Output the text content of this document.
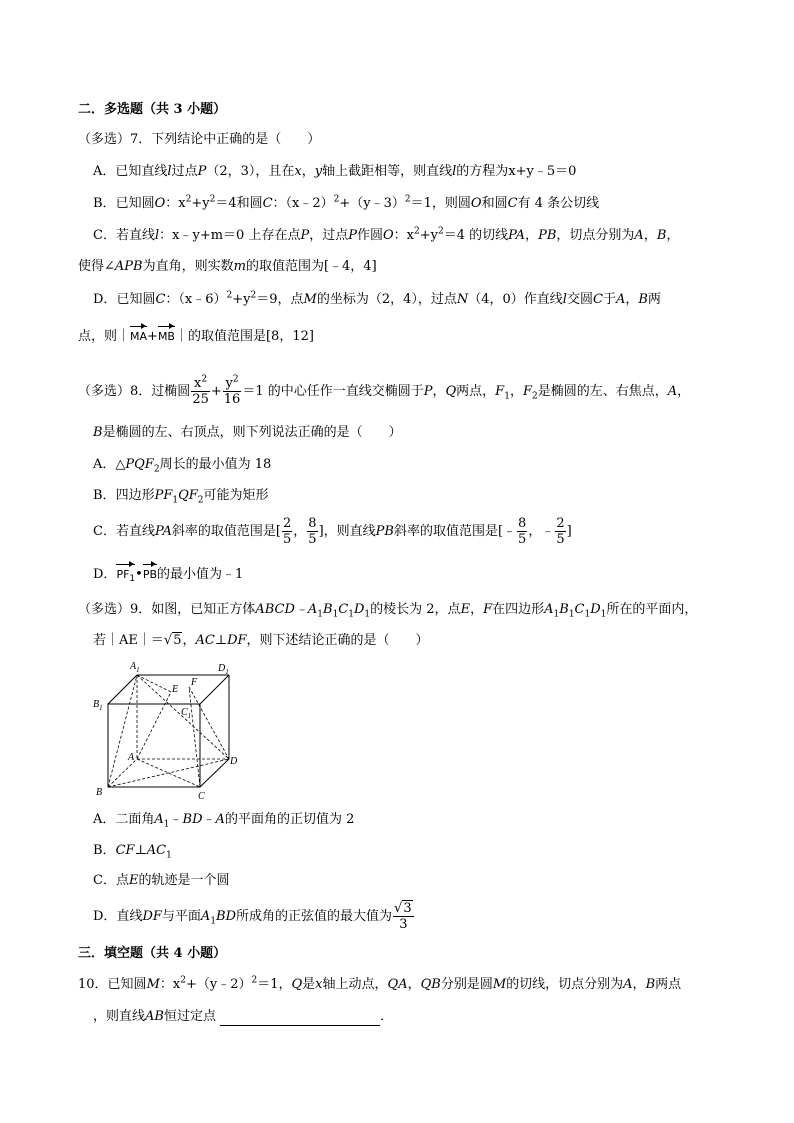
二．多选题（共 3 小题）
（多选）7．下列结论中正确的是（　　）
A．已知直线l过点P（2，3），且在x，y轴上截距相等，则直线l的方程为x+y﹣5＝0
B．已知圆O：$x^2+y^2=4$和圆C：（x﹣2）$^2$+（y﹣3）$^2$＝1，则圆O和圆C有 4 条公切线
C．若直线l：x﹣y+m＝0 上存在点P，过点P作圆O：$x^2+y^2=4$ 的切线PA，PB，切点分别为A，B，
使得∠APB为直角，则实数m的取值范围为[﹣4，4]
D．已知圆C：$(x﹣6)^2+y^2=9$，点M的坐标为（2，4），过点N（4，0）作直线l交圆C于A，B两
点，则｜MA+MB｜的取值范围是[8，12]
（多选）8．过椭圆 $\frac{x^2}{25} + \frac{y^2}{16} =1$ 的中心任作一直线交椭圆于P，Q两点，$F_1$，$F_2$是椭圆的左、右焦点，A，
B是椭圆的左、右顶点，则下列说法正确的是（　　）
A．$\triangle PQF_2$周长的最小值为 18
B．四边形$PF_1QF_2$可能为矩形
C．若直线PA斜率的取值范围是[ $\frac{2}{5}$ ， $\frac{8}{5}$ ]，则直线PB斜率的取值范围是[﹣ $\frac{8}{5}$ ，﹣ $\frac{2}{5}$ ]
D．$PF_1•PB$的最小值为﹣1
（多选）9．如图，已知正方体$ABCD﹣A_1B_1C_1D_1$的棱长为 2，点E，F在四边形$A_1B_1C_1D_1$所在的平面内，
若｜AE｜＝√5，AC⊥DF，则下述结论正确的是（　　）
$A_1$	$D_1$
$B_1$	$C_1$
E
F
A
B	C
D
A．二面角$A_1﹣BD﹣A$的平面角的正切值为 2
B．$CF\perp AC_1$
C．点E的轨迹是一个圆
D．直线DF与平面$A_1BD$所成角的正弦值的最大值为 $\frac{√3}{3}$
三．填空题（共 4 小题）
10．已知圆M：$x^2+(y﹣2)^2=1$，Q是x轴上动点，QA，QB分别是圆M的切线，切点分别为A，B两点
，则直线AB恒过定点	．
